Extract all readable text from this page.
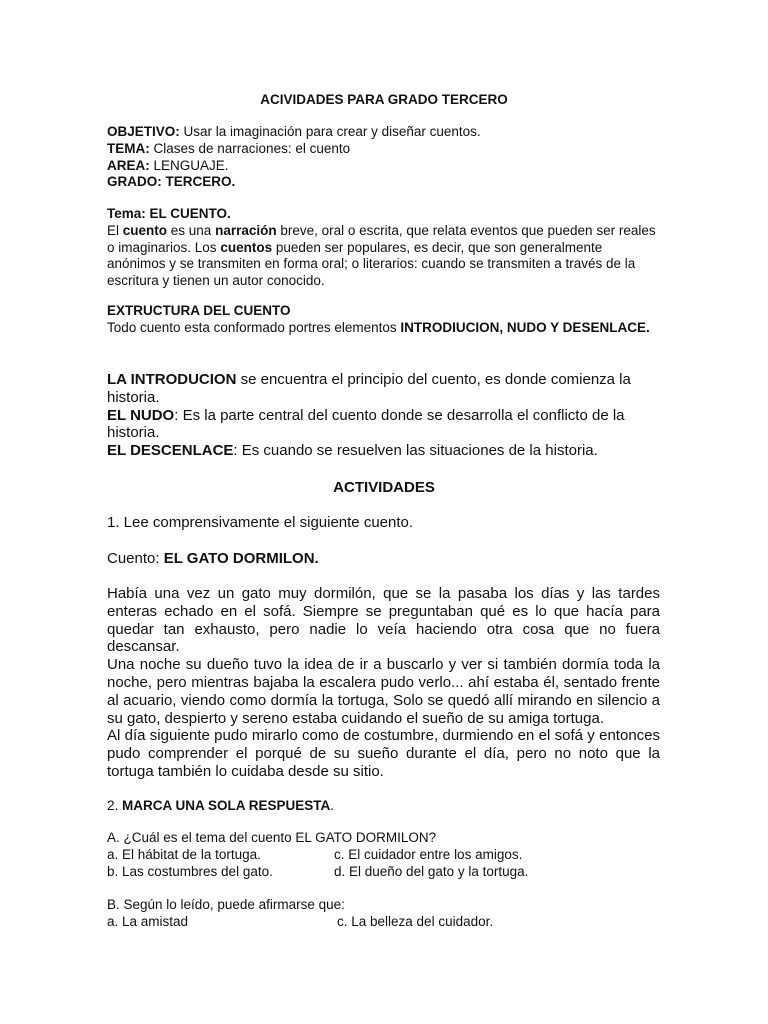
ACIVIDADES PARA GRADO TERCERO

OBJETIVO: Usar la imaginación para crear y diseñar cuentos.
TEMA: Clases de narraciones: el cuento
AREA: LENGUAJE.
GRADO: TERCERO.
Tema: EL CUENTO.
El cuento es una narración breve, oral o escrita, que relata eventos que pueden ser reales o imaginarios. Los cuentos pueden ser populares, es decir, que son generalmente anónimos y se transmiten en forma oral; o literarios: cuando se transmiten a través de la escritura y tienen un autor conocido.
EXTRUCTURA DEL CUENTO
Todo cuento esta conformado portres elementos INTRODIUCION, NUDO Y DESENLACE.
LA INTRODUCION se encuentra el principio del cuento, es donde comienza la historia.
EL NUDO: Es la parte central del cuento donde se desarrolla el conflicto de la historia.
EL DESCENLACE: Es cuando se resuelven las situaciones de la historia.

ACTIVIDADES

1. Lee comprensivamente el siguiente cuento.

Cuento: EL GATO DORMILON.

Había una vez un gato muy dormilón, que se la pasaba los días y las tardes enteras echado en el sofá. Siempre se preguntaban qué es lo que hacía para quedar tan exhausto, pero nadie lo veía haciendo otra cosa que no fuera descansar.
Una noche su dueño tuvo la idea de ir a buscarlo y ver si también dormía toda la noche, pero mientras bajaba la escalera pudo verlo... ahí estaba él, sentado frente al acuario, viendo como dormía la tortuga, Solo se quedó allí mirando en silencio a su gato, despierto y sereno estaba cuidando el sueño de su amiga tortuga.
Al día siguiente pudo mirarlo como de costumbre, durmiendo en el sofá y entonces pudo comprender el porqué de su sueño durante el día, pero no noto que la tortuga también lo cuidaba desde su sitio.

2. MARCA UNA SOLA RESPUESTA.

A. ¿Cuál es el tema del cuento EL GATO DORMILON?

a. El hábitat de la tortuga.	c. El cuidador entre los amigos.
b. Las costumbres del gato.	d. El dueño del gato y la tortuga.

B. Según lo leído, puede afirmarse que:

a. La amistad	c. La belleza del cuidador.
